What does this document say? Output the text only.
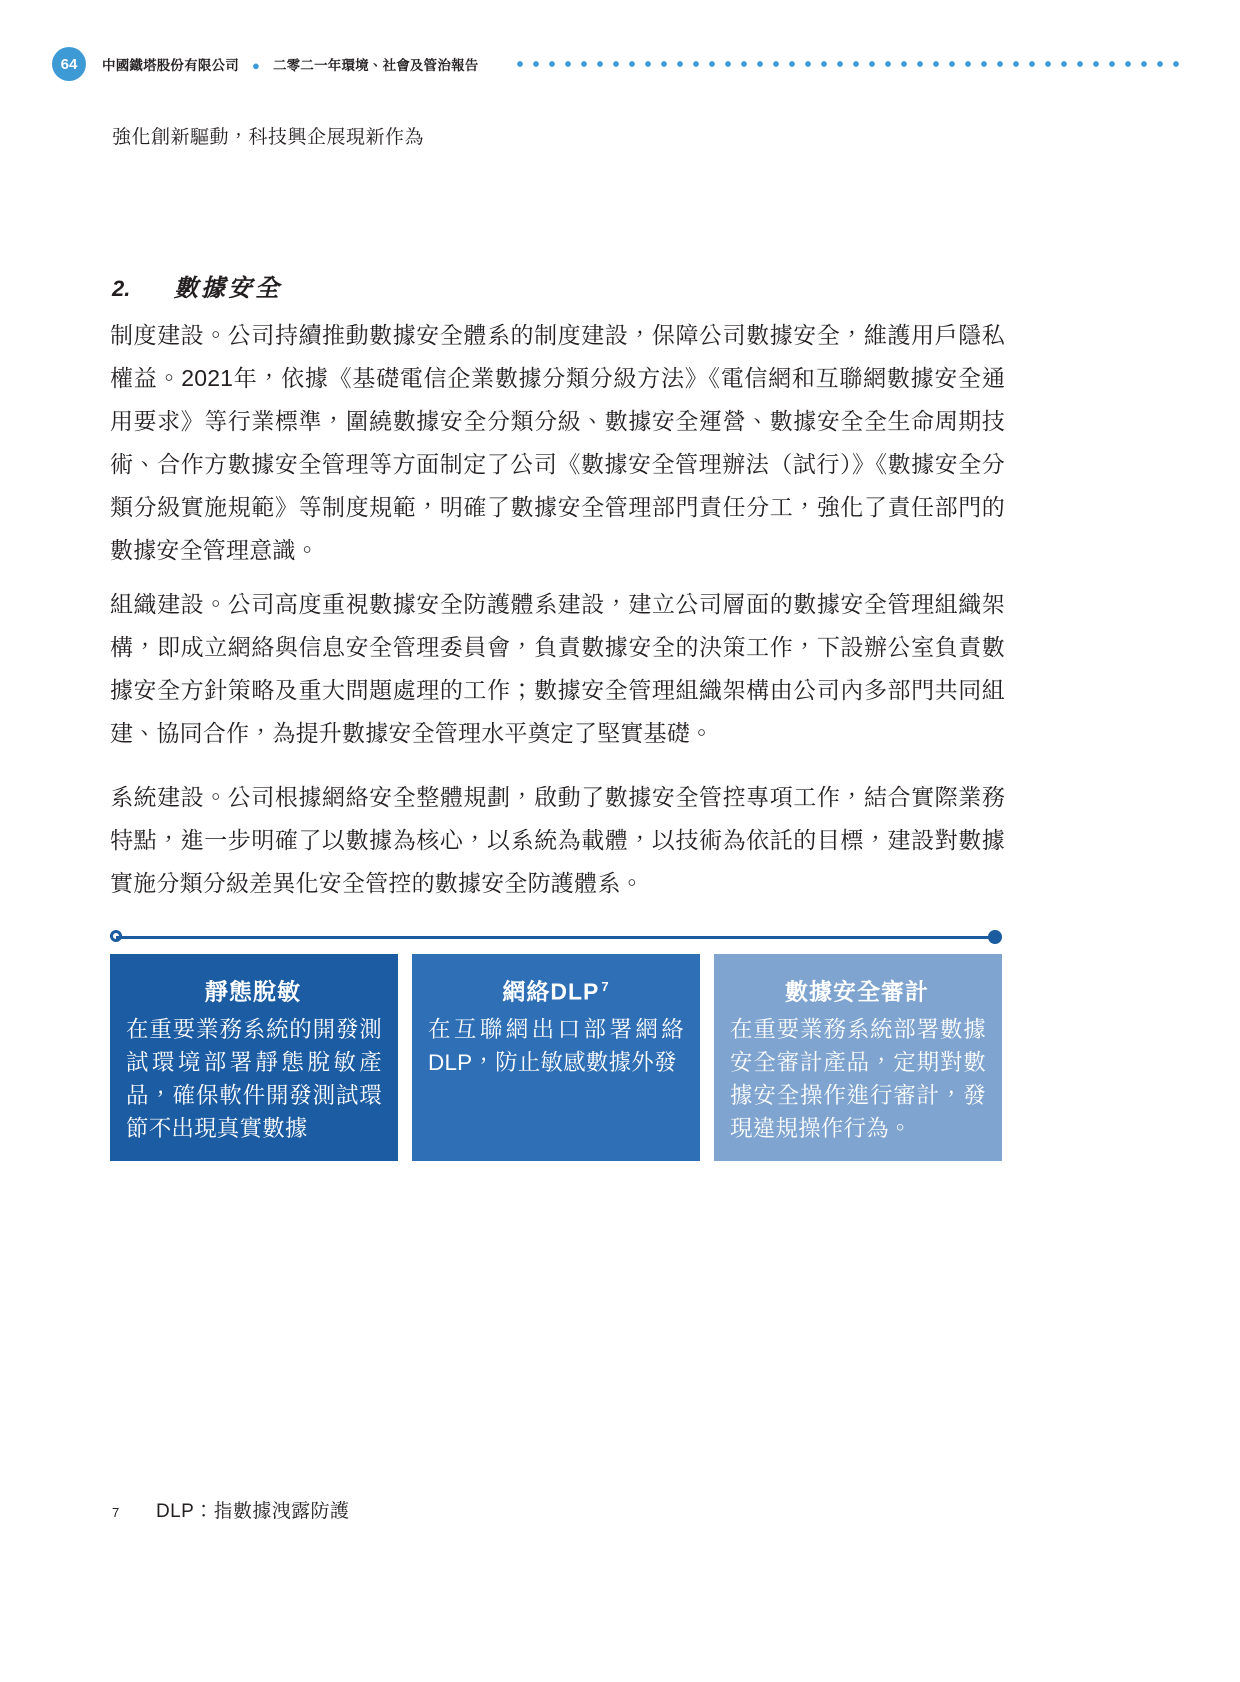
64	中國鐵塔股份有限公司 ● 二零二一年環境、社會及管治報告
強化創新驅動，科技興企展現新作為
2.	數據安全
制度建設。公司持續推動數據安全體系的制度建設，保障公司數據安全，維護用戶隱私權益。2021年，依據《基礎電信企業數據分類分級方法》《電信網和互聯網數據安全通用要求》等行業標準，圍繞數據安全分類分級、數據安全運營、數據安全全生命周期技術、合作方數據安全管理等方面制定了公司《數據安全管理辦法（試行）》《數據安全分類分級實施規範》等制度規範，明確了數據安全管理部門責任分工，強化了責任部門的數據安全管理意識。
組織建設。公司高度重視數據安全防護體系建設，建立公司層面的數據安全管理組織架構，即成立網絡與信息安全管理委員會，負責數據安全的決策工作，下設辦公室負責數據安全方針策略及重大問題處理的工作；數據安全管理組織架構由公司內多部門共同組建、協同合作，為提升數據安全管理水平奠定了堅實基礎。
系統建設。公司根據網絡安全整體規劃，啟動了數據安全管控專項工作，結合實際業務特點，進一步明確了以數據為核心，以系統為載體，以技術為依託的目標，建設對數據實施分類分級差異化安全管控的數據安全防護體系。
靜態脫敏
在重要業務系統的開發測試環境部署靜態脫敏產品，確保軟件開發測試環節不出現真實數據
網絡DLP $^7$
在互聯網出口部署網絡DLP，防止敏感數據外發
數據安全審計
在重要業務系統部署數據安全審計產品，定期對數據安全操作進行審計，發現違規操作行為。
7	DLP：指數據洩露防護
